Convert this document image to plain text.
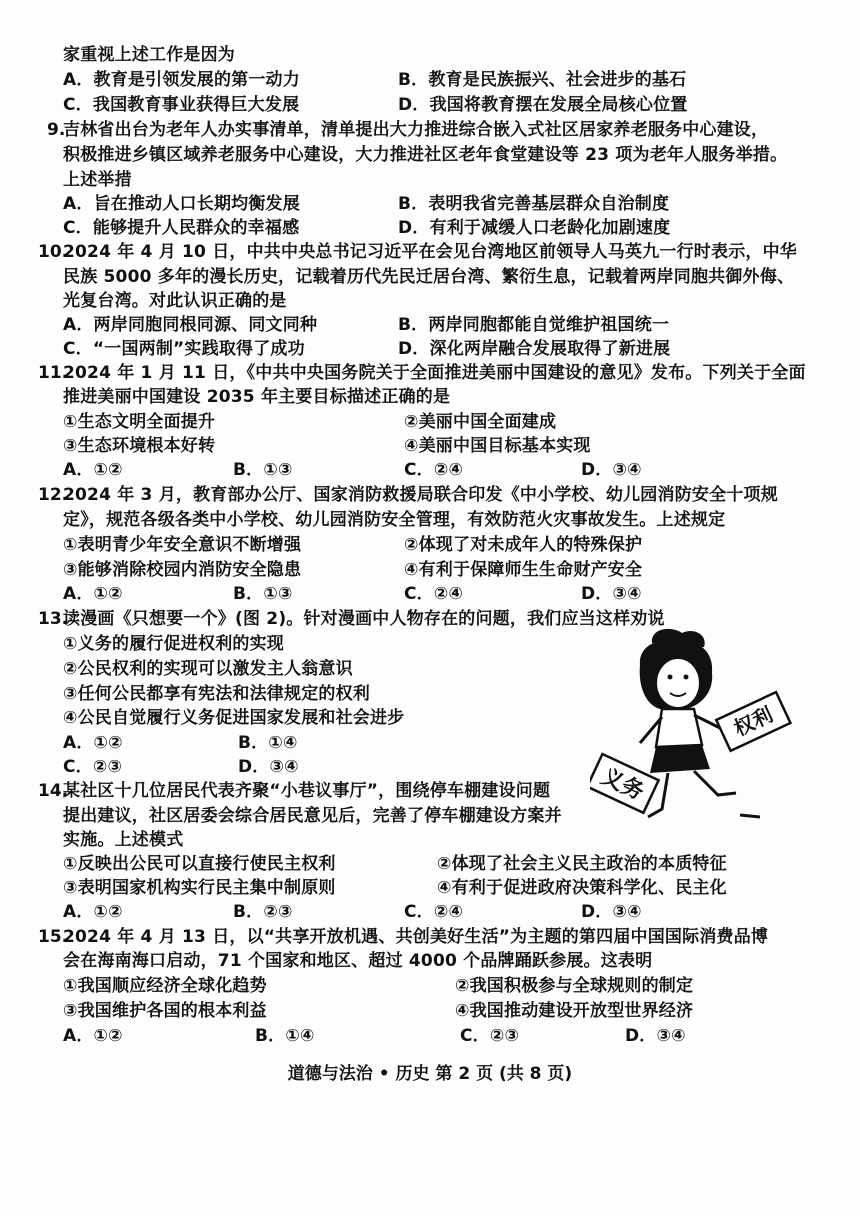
家重视上述工作是因为
A．教育是引领发展的第一动力	B．教育是民族振兴、社会进步的基石
C．我国教育事业获得巨大发展	D．我国将教育摆在发展全局核心位置
9.
吉林省出台为老年人办实事清单，清单提出大力推进综合嵌入式社区居家养老服务中心建设，
积极推进乡镇区域养老服务中心建设，大力推进社区老年食堂建设等 23 项为老年人服务举措。
上述举措
A．旨在推动人口长期均衡发展	B．表明我省完善基层群众自治制度
C．能够提升人民群众的幸福感	D．有利于减缓人口老龄化加剧速度
10.
2024 年 4 月 10 日，中共中央总书记习近平在会见台湾地区前领导人马英九一行时表示，中华
民族 5000 多年的漫长历史，记载着历代先民迁居台湾、繁衍生息，记载着两岸同胞共御外侮、
光复台湾。对此认识正确的是
A．两岸同胞同根同源、同文同种	B．两岸同胞都能自觉维护祖国统一
C．“一国两制”实践取得了成功	D．深化两岸融合发展取得了新进展
11.
2024 年 1 月 11 日，《中共中央国务院关于全面推进美丽中国建设的意见》发布。下列关于全面
推进美丽中国建设 2035 年主要目标描述正确的是
①生态文明全面提升	②美丽中国全面建成
③生态环境根本好转	④美丽中国目标基本实现
A．①②	B．①③	C．②④	D．③④
12.
2024 年 3 月，教育部办公厅、国家消防救援局联合印发《中小学校、幼儿园消防安全十项规
定》，规范各级各类中小学校、幼儿园消防安全管理，有效防范火灾事故发生。上述规定
①表明青少年安全意识不断增强	②体现了对未成年人的特殊保护
③能够消除校园内消防安全隐患	④有利于保障师生生命财产安全
A．①②	B．①③	C．②④	D．③④
13.
读漫画《只想要一个》(图 2)。针对漫画中人物存在的问题，我们应当这样劝说
①义务的履行促进权利的实现
②公民权利的实现可以激发主人翁意识
③任何公民都享有宪法和法律规定的权利
④公民自觉履行义务促进国家发展和社会进步
A．①②	B．①④
C．②③	D．③④
权利
义务
14.
某社区十几位居民代表齐聚“小巷议事厅”，围绕停车棚建设问题
提出建议，社区居委会综合居民意见后，完善了停车棚建设方案并
实施。上述模式
①反映出公民可以直接行使民主权利	②体现了社会主义民主政治的本质特征
③表明国家机构实行民主集中制原则	④有利于促进政府决策科学化、民主化
A．①②	B．②③	C．②④	D．③④
15.
2024 年 4 月 13 日，以“共享开放机遇、共创美好生活”为主题的第四届中国国际消费品博
会在海南海口启动，71 个国家和地区、超过 4000 个品牌踊跃参展。这表明
①我国顺应经济全球化趋势	②我国积极参与全球规则的制定
③我国维护各国的根本利益	④我国推动建设开放型世界经济
A．①②	B．①④	C．②③	D．③④
道德与法治 • 历史 第 2 页 (共 8 页)
